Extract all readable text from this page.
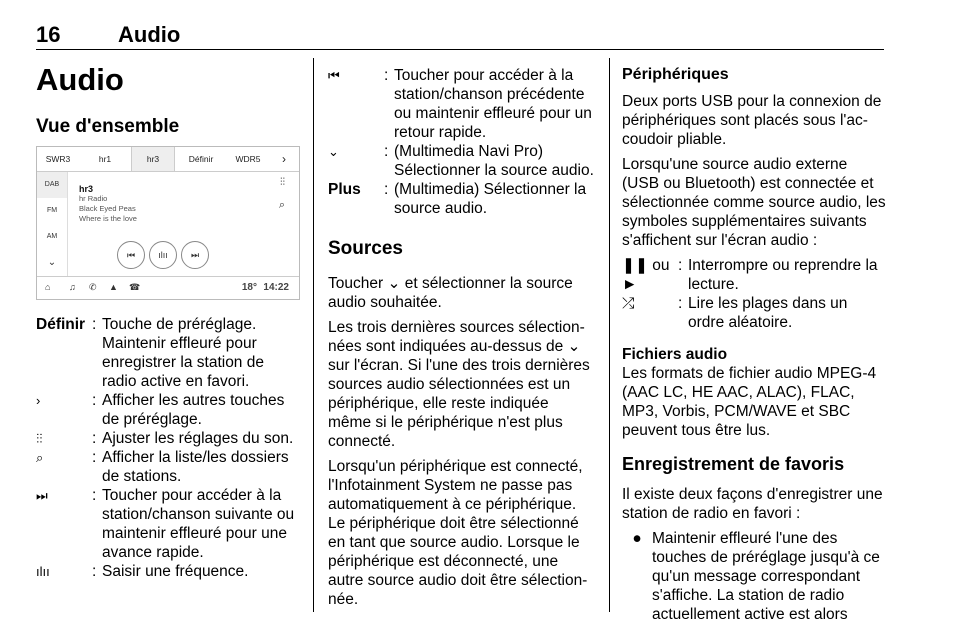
16	Audio
Audio
Vue d'ensemble
SWR3	hr1	hr3	Définir	WDR5	›
DAB
FM
AM
⌄
hr3
hr Radio
Black Eyed Peas
Where is the love
⫶⫶
⌕
⏮	ılıı	⏭
⌂ ♫ ✆ ▲ ☎	18° 14:22
Définir : Touche de préréglage. Maintenir effleuré pour enregistrer la station de radio active en favori.
›	: Afficher les autres touches de préréglage.
⫶⫶	: Ajuster les réglages du son.
⌕	: Afficher la liste/les dossiers de stations.
⏭	: Toucher pour accéder à la station/chanson suivante ou maintenir effleuré pour une avance rapide.
ılıı	: Saisir une fréquence.
⏮	: Toucher pour accéder à la station/chanson précédente ou maintenir effleuré pour un retour rapide.
⌄	: (Multimedia Navi Pro) Sélectionner la source audio.
Plus	: (Multimedia) Sélectionner la source audio.
Sources

Toucher ⌄ et sélectionner la source audio souhaitée.

Les trois dernières sources sélection-nées sont indiquées au-dessus de ⌄ sur l'écran. Si l'une des trois dernières sources audio sélectionnées est un périphérique, elle reste indiquée même si le périphérique n'est plus connecté.

Lorsqu'un périphérique est connecté, l'Infotainment System ne passe pas automatiquement à ce périphérique. Le périphérique doit être sélectionné en tant que source audio. Lorsque le périphérique est déconnecté, une autre source audio doit être sélection-née.

Périphériques

Deux ports USB pour la connexion de périphériques sont placés sous l'ac-coudoir pliable.

Lorsqu'une source audio externe (USB ou Bluetooth) est connectée et sélectionnée comme source audio, les symboles supplémentaires suivants s'affichent sur l'écran audio :

❚❚ ou ►
: Interrompre ou reprendre la lecture.
⤮	: Lire les plages dans un ordre aléatoire.
Fichiers audio

Les formats de fichier audio MPEG-4 (AAC LC, HE AAC, ALAC), FLAC, MP3, Vorbis, PCM/WAVE et SBC peuvent tous être lus.

Enregistrement de favoris

Il existe deux façons d'enregistrer une station de radio en favori :

● Maintenir effleuré l'une des touches de préréglage jusqu'à ce qu'un message correspondant s'affiche. La station de radio actuellement active est alors
